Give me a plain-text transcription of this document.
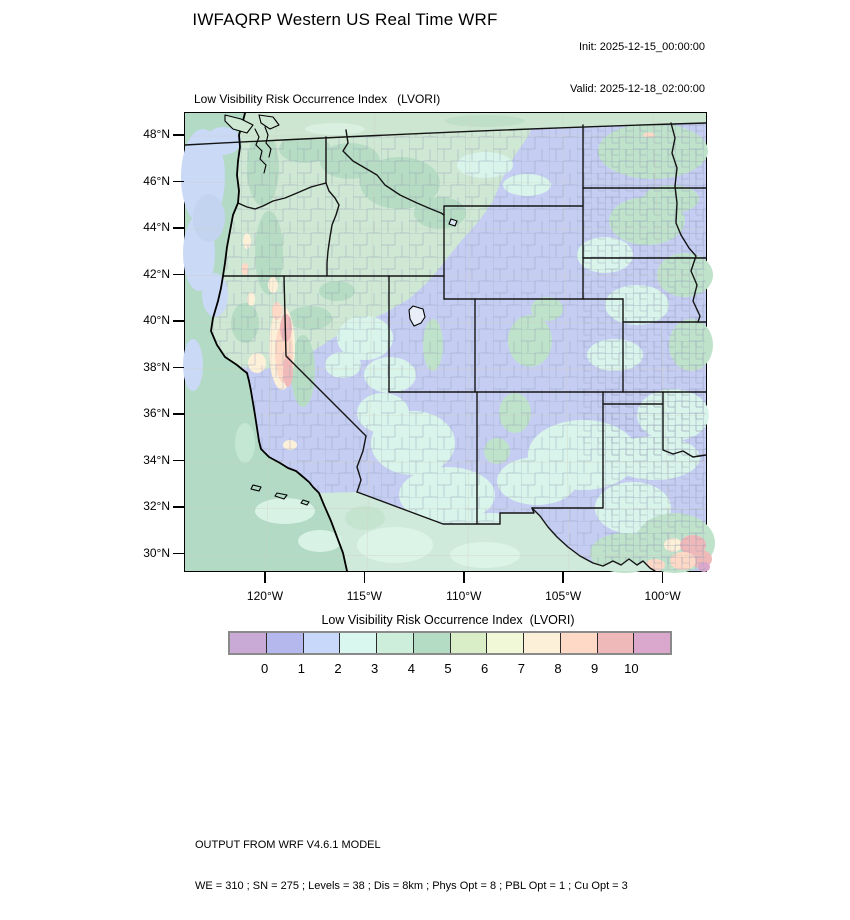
IWFAQRP Western US Real Time WRF

Init: 2025-12-15_00:00:00

Valid: 2025-12-18_02:00:00

Low Visibility Risk Occurrence Index   (LVORI)
48°N
46°N
44°N
42°N
40°N
38°N
36°N
34°N
32°N
30°N
120°W	115°W	110°W	105°W	100°W
Low Visibility Risk Occurrence Index  (LVORI)
0	1	2	3	4	5	6	7	8	9	10

OUTPUT FROM WRF V4.6.1 MODEL

WE = 310 ; SN = 275 ; Levels = 38 ; Dis = 8km ; Phys Opt = 8 ; PBL Opt = 1 ; Cu Opt = 3
